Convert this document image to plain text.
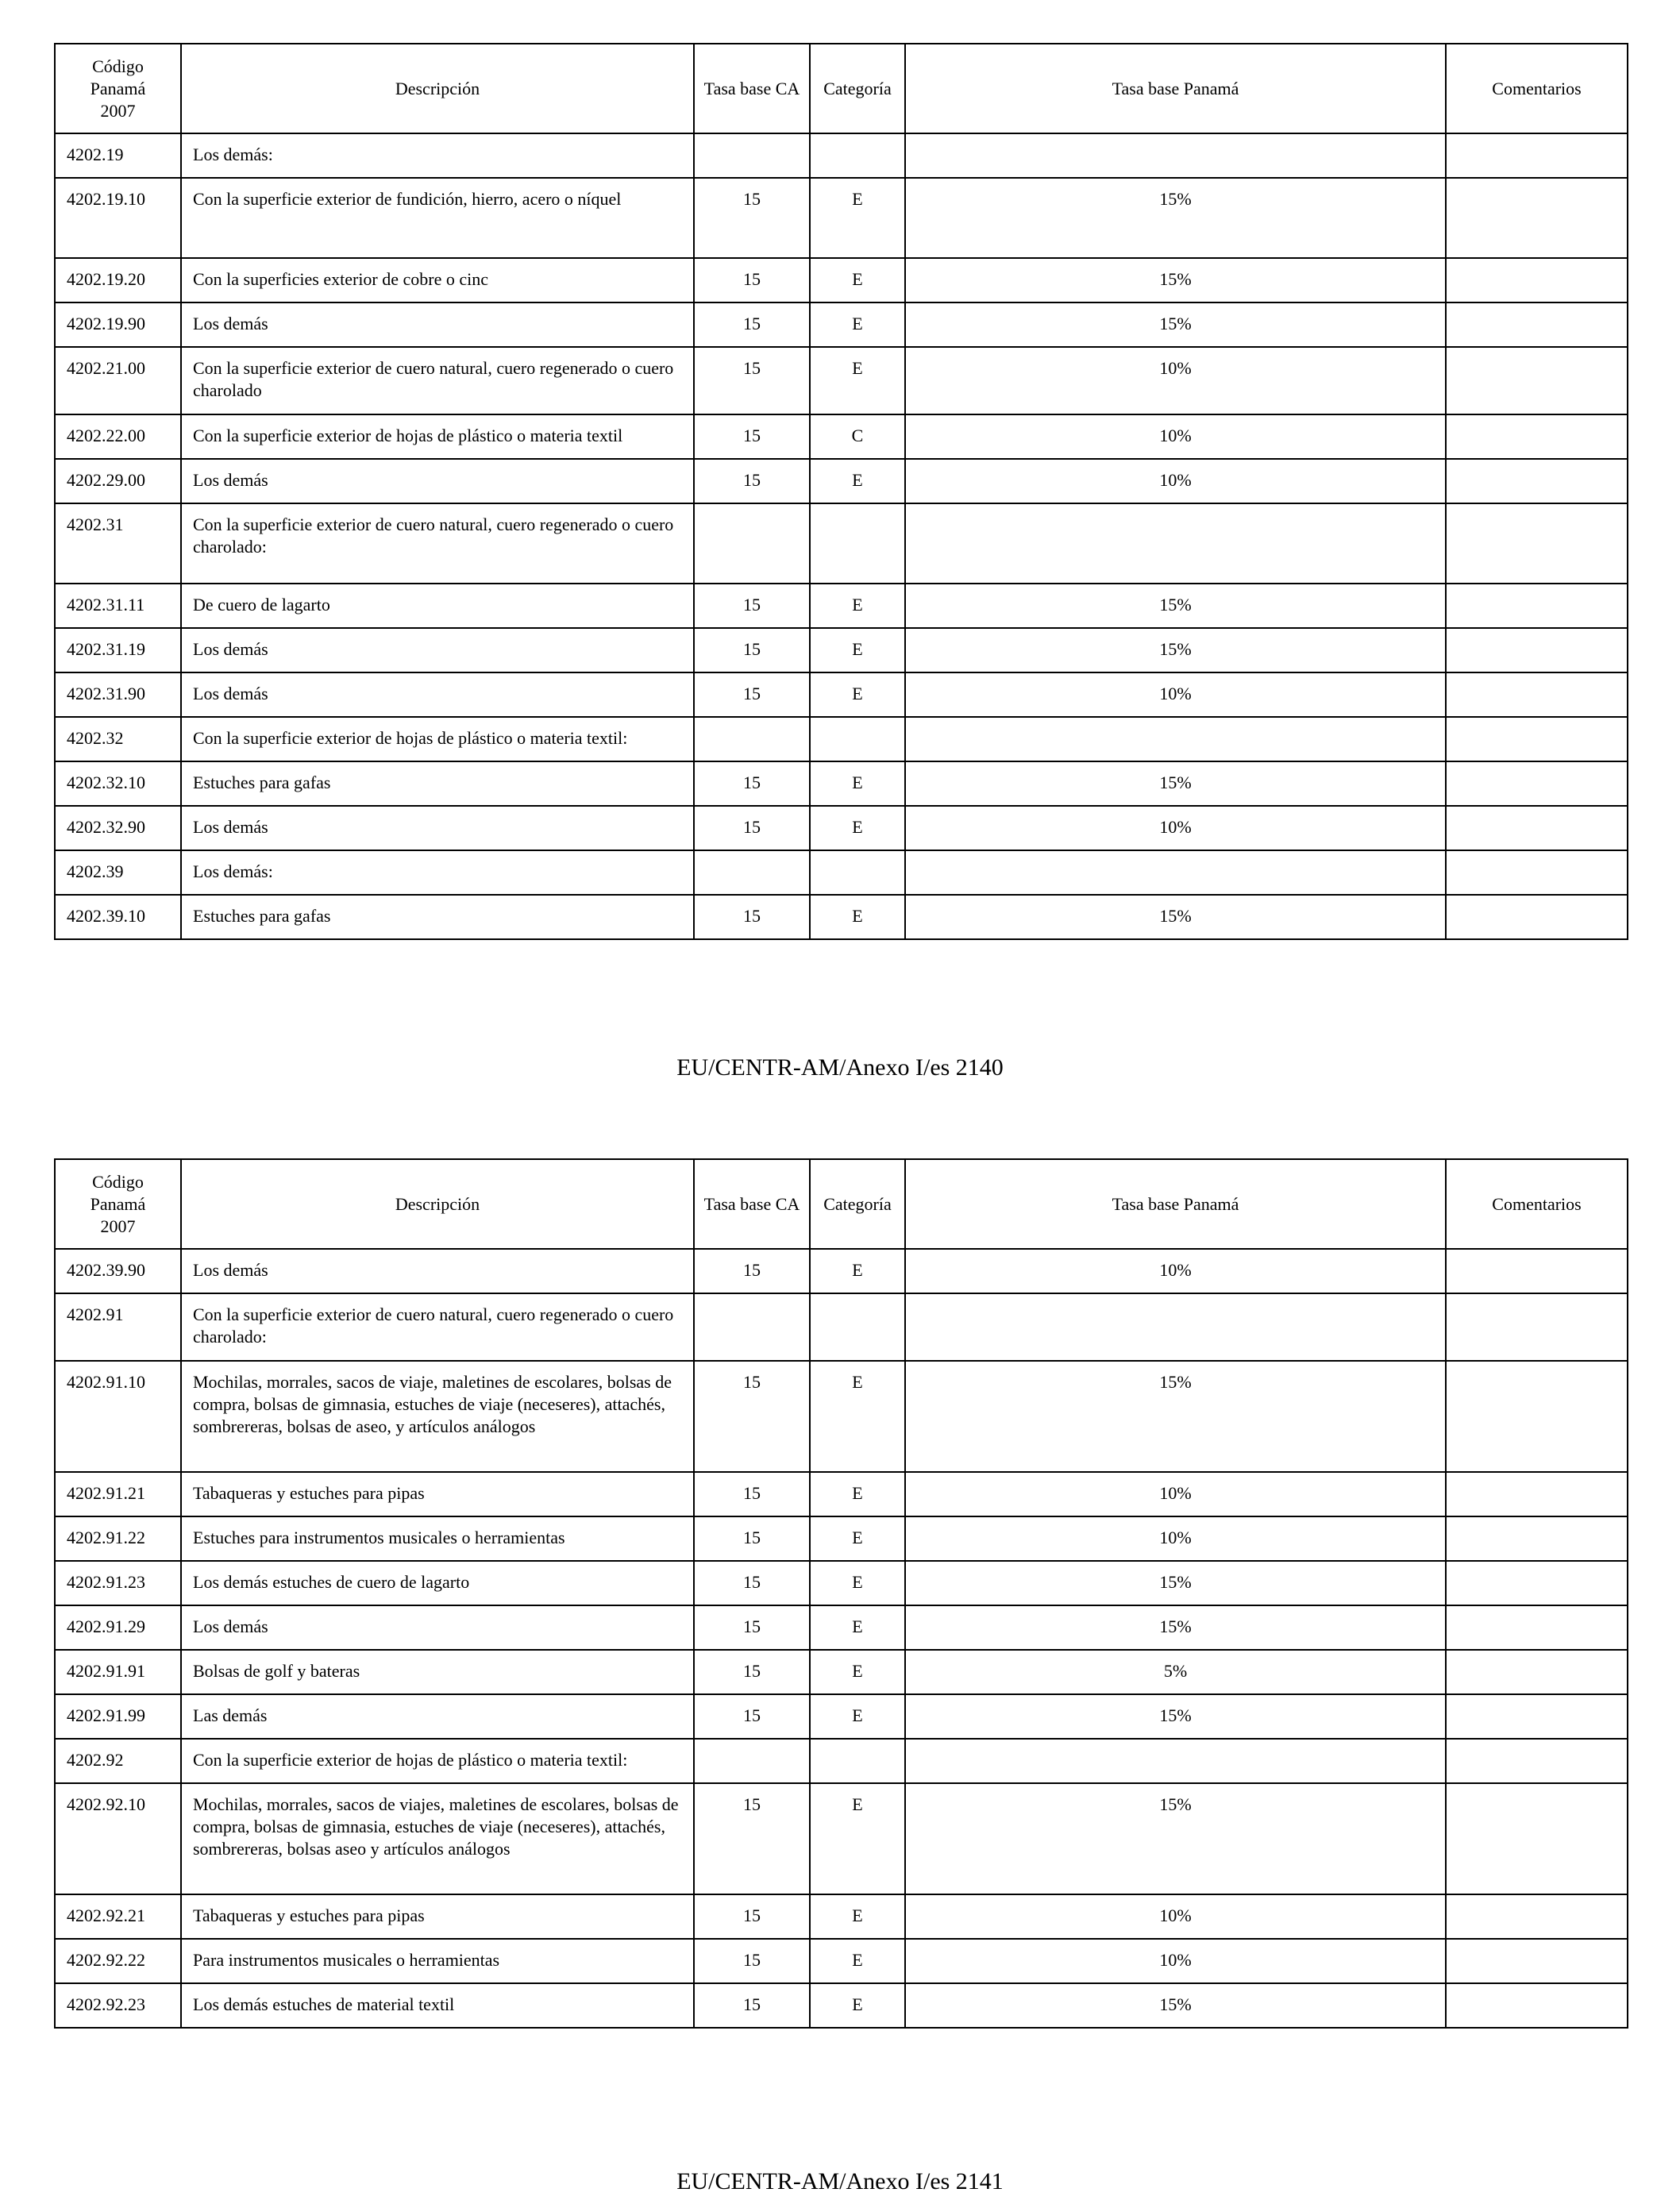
Código Panamá 2007	Descripción	Tasa base CA	Categoría	Tasa base Panamá	Comentarios
4202.19	Los demás:				
4202.19.10	Con la superficie exterior de fundición, hierro, acero o níquel	15	E	15%	
4202.19.20	Con la superficies exterior de cobre o cinc	15	E	15%	
4202.19.90	Los demás	15	E	15%	
4202.21.00	Con la superficie exterior de cuero natural, cuero regenerado o cuero charolado	15	E	10%	
4202.22.00	Con la superficie exterior de hojas de plástico o materia textil	15	C	10%	
4202.29.00	Los demás	15	E	10%	
4202.31	Con la superficie exterior de cuero natural, cuero regenerado o cuero charolado:				
4202.31.11	De cuero de lagarto	15	E	15%	
4202.31.19	Los demás	15	E	15%	
4202.31.90	Los demás	15	E	10%	
4202.32	Con la superficie exterior de hojas de plástico o materia textil:				
4202.32.10	Estuches para gafas	15	E	15%	
4202.32.90	Los demás	15	E	10%	
4202.39	Los demás:				
4202.39.10	Estuches para gafas	15	E	15%	
EU/CENTR-AM/Anexo I/es 2140
Código Panamá 2007	Descripción	Tasa base CA	Categoría	Tasa base Panamá	Comentarios
4202.39.90	Los demás	15	E	10%	
4202.91	Con la superficie exterior de cuero natural, cuero regenerado o cuero charolado:				
4202.91.10	Mochilas, morrales, sacos de viaje, maletines de escolares, bolsas de compra, bolsas de gimnasia, estuches de viaje (neceseres), attachés, sombrereras, bolsas de aseo, y artículos análogos	15	E	15%	
4202.91.21	Tabaqueras y estuches para pipas	15	E	10%	
4202.91.22	Estuches para instrumentos musicales o herramientas	15	E	10%	
4202.91.23	Los demás estuches de cuero de lagarto	15	E	15%	
4202.91.29	Los demás	15	E	15%	
4202.91.91	Bolsas de golf y bateras	15	E	5%	
4202.91.99	Las demás	15	E	15%	
4202.92	Con la superficie exterior de hojas de plástico o materia textil:				
4202.92.10	Mochilas, morrales, sacos de viajes, maletines de escolares, bolsas de compra, bolsas de gimnasia, estuches de viaje (neceseres), attachés, sombrereras, bolsas aseo y artículos análogos	15	E	15%	
4202.92.21	Tabaqueras y estuches para pipas	15	E	10%	
4202.92.22	Para instrumentos musicales o herramientas	15	E	10%	
4202.92.23	Los demás estuches de material textil	15	E	15%	
EU/CENTR-AM/Anexo I/es 2141
